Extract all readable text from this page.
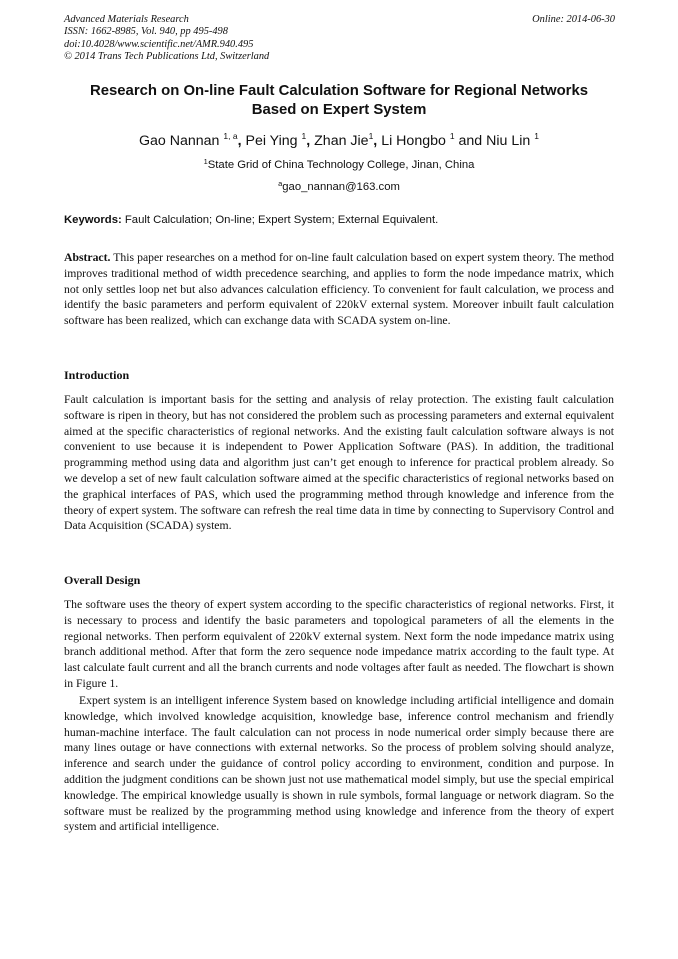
Advanced Materials Research
ISSN: 1662-8985, Vol. 940, pp 495-498
doi:10.4028/www.scientific.net/AMR.940.495
© 2014 Trans Tech Publications Ltd, Switzerland
Online: 2014-06-30
Research on On-line Fault Calculation Software for Regional Networks
Based on Expert System
Gao Nannan $^{1, a}$, Pei Ying $^1$, Zhan Jie$^1$, Li Hongbo $^1$ and Niu Lin $^1$
$^1$State Grid of China Technology College, Jinan, China
$^a$gao_nannan@163.com
Keywords: Fault Calculation; On-line; Expert System; External Equivalent.

Abstract. This paper researches on a method for on-line fault calculation based on expert system theory. The method improves traditional method of width precedence searching, and applies to form the node impedance matrix, which not only settles loop net but also advances calculation efficiency. To convenient for fault calculation, we process and identify the basic parameters and perform equivalent of 220kV external system. Moreover inbuilt fault calculation software has been realized, which can exchange data with SCADA system on-line.

Introduction

Fault calculation is important basis for the setting and analysis of relay protection. The existing fault calculation software is ripen in theory, but has not considered the problem such as processing parameters and external equivalent aimed at the specific characteristics of regional networks. And the existing fault calculation software always is not convenient to use because it is independent to Power Application Software (PAS). In addition, the traditional programming method using data and algorithm just can’t get enough to inference for practical problem already. So we develop a set of new fault calculation software aimed at the specific characteristics of regional networks based on the graphical interfaces of PAS, which used the programming method through knowledge and inference from the theory of expert system. The software can refresh the real time data in time by connecting to Supervisory Control and Data Acquisition (SCADA) system.

Overall Design

The software uses the theory of expert system according to the specific characteristics of regional networks. First, it is necessary to process and identify the basic parameters and topological parameters of all the elements in the regional networks. Then perform equivalent of 220kV external system. Next form the node impedance matrix using branch additional method. After that form the zero sequence node impedance matrix according to the fault type. At last calculate fault current and all the branch currents and node voltages after fault as needed. The flowchart is shown in Figure 1.

Expert system is an intelligent inference System based on knowledge including artificial intelligence and domain knowledge, which involved knowledge acquisition, knowledge base, inference control mechanism and friendly human-machine interface. The fault calculation can not process in node numerical order simply because there are many lines outage or have connections with external networks. So the process of problem solving should analyze, inference and search under the guidance of control policy according to environment, condition and purpose. In addition the judgment conditions can be shown just not use mathematical model simply, but use the special empirical knowledge. The empirical knowledge usually is shown in rule symbols, formal language or network diagram. So the software must be realized by the programming method using knowledge and inference from the theory of expert system and artificial intelligence.
